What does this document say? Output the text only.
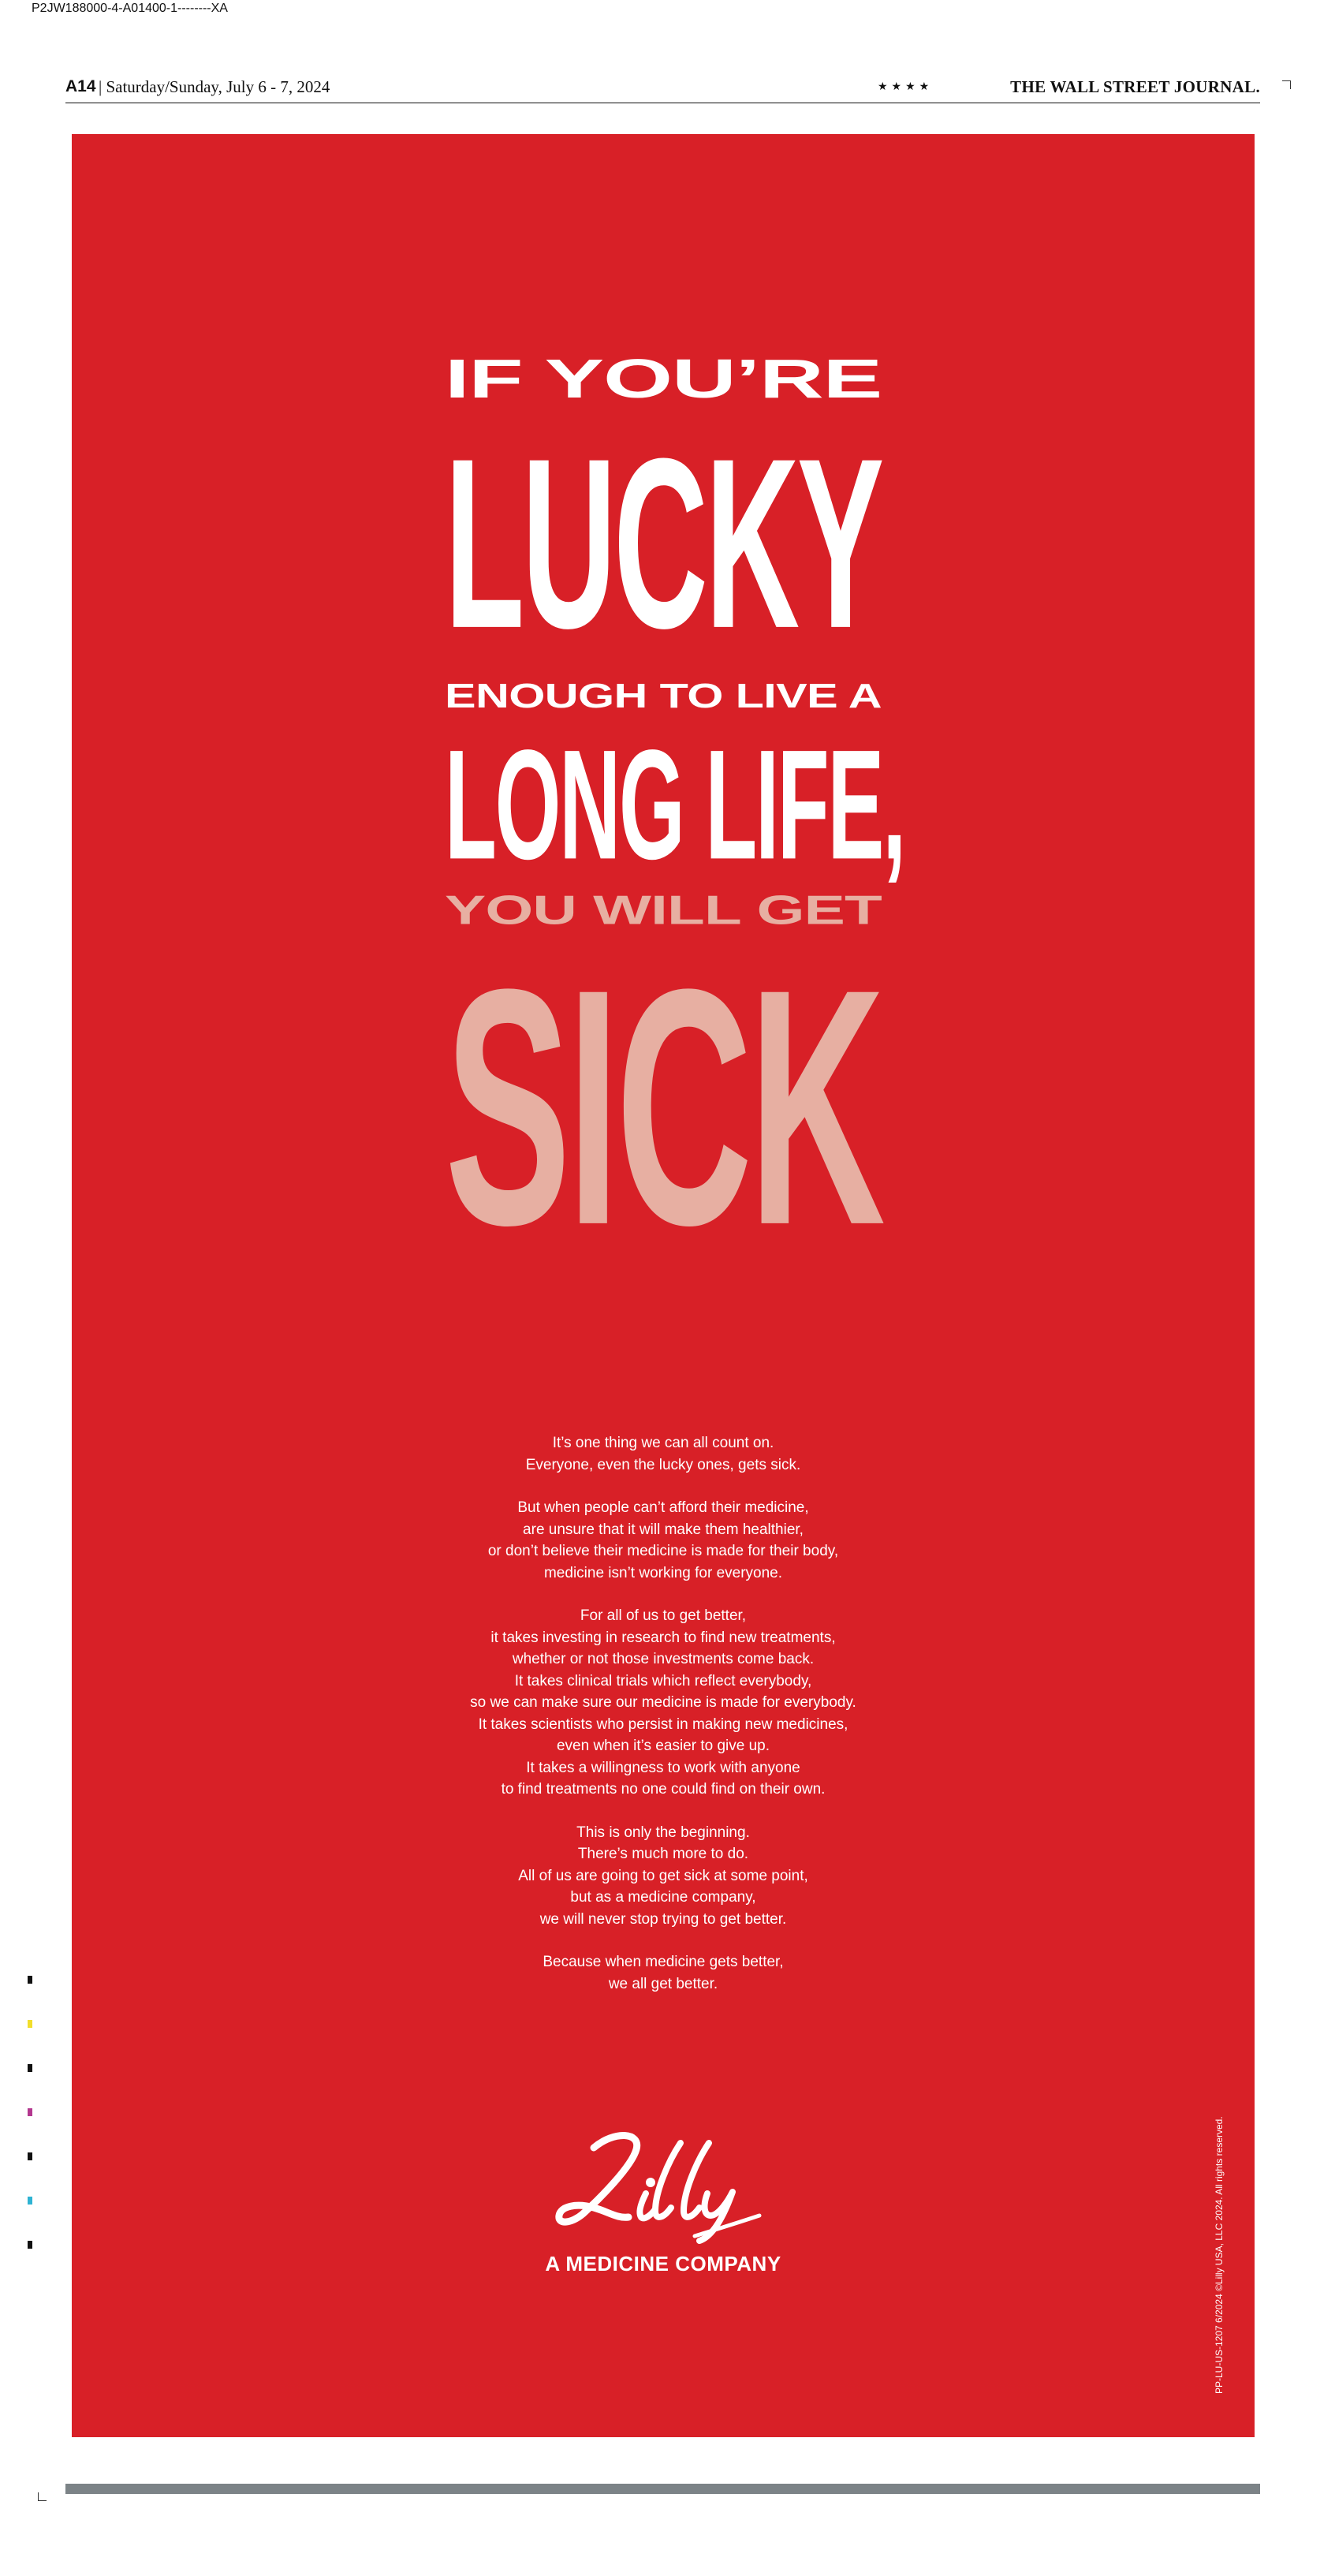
P2JW188000-4-A01400-1--------XA
A14 | Saturday/Sunday, July 6 - 7, 2024	★★★★	THE WALL STREET JOURNAL.
IF YOU’RE
LUCKY
ENOUGH TO LIVE A
LONG LIFE,
YOU WILL GET
SICK

It’s one thing we can all count on.
Everyone, even the lucky ones, gets sick.

But when people can’t afford their medicine,
are unsure that it will make them healthier,
or don’t believe their medicine is made for their body,
medicine isn’t working for everyone.

For all of us to get better,
it takes investing in research to find new treatments,
whether or not those investments come back.
It takes clinical trials which reflect everybody,
so we can make sure our medicine is made for everybody.
It takes scientists who persist in making new medicines,
even when it’s easier to give up.
It takes a willingness to work with anyone
to find treatments no one could find on their own.

This is only the beginning.
There’s much more to do.
All of us are going to get sick at some point,
but as a medicine company,
we will never stop trying to get better.

Because when medicine gets better,
we all get better.

A MEDICINE COMPANY	PP-LU-US-1207 6/2024 ©Lilly USA, LLC 2024. All rights reserved.
